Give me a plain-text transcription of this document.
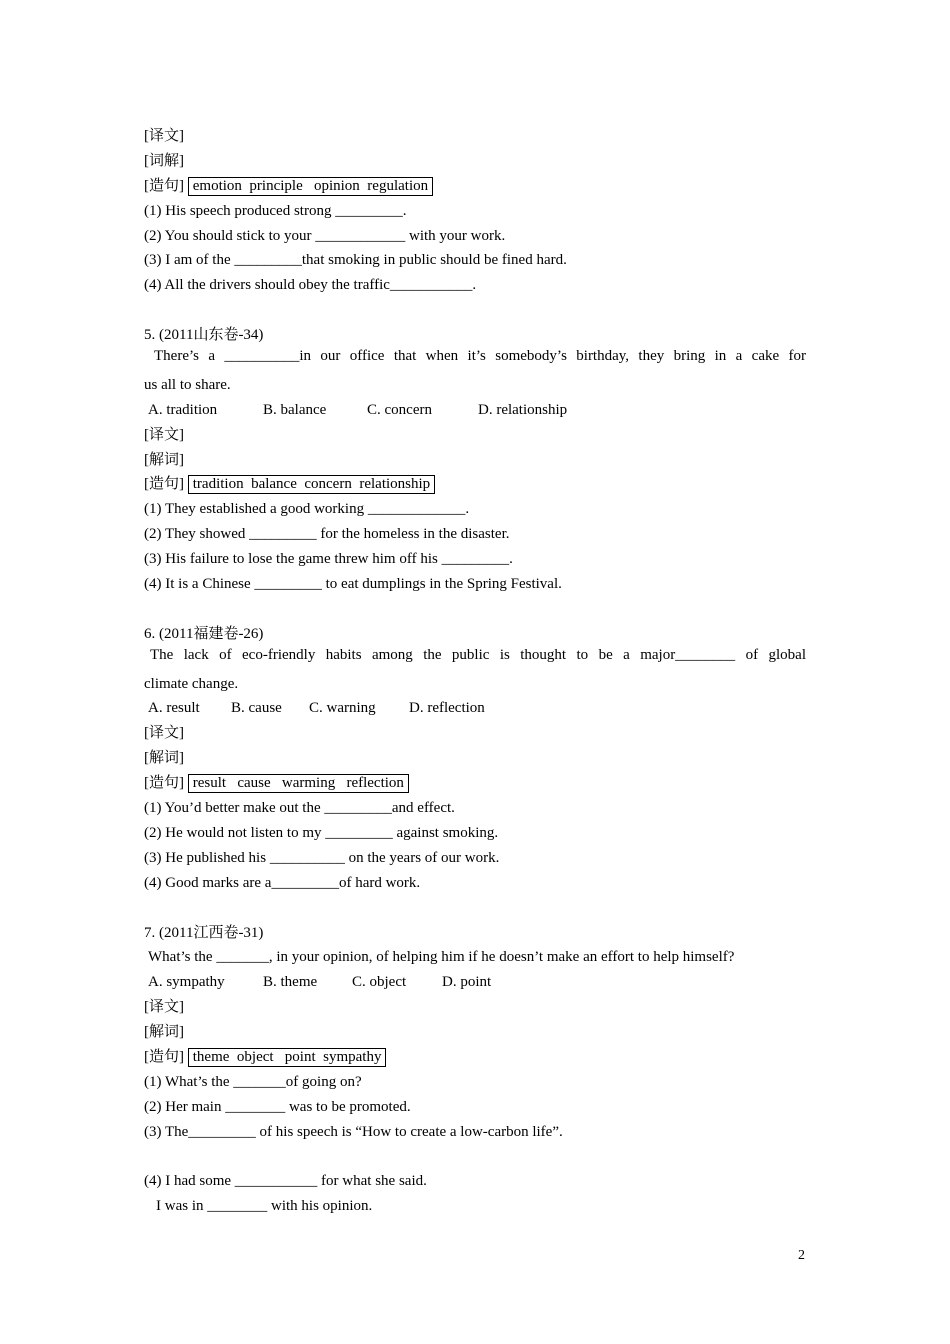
[译文]
[词解]
[造句] emotion  principle   opinion  regulation
(1) His speech produced strong _________.
(2) You should stick to your ____________ with your work.
(3) I am of the _________that smoking in public should be fined hard.
(4) All the drivers should obey the traffic___________.
5. (2011山东卷-34)
There’s a __________in our office that when it’s somebody’s birthday, they bring in a cake for
us all to share.
A. tradition	B. balance	C. concern	D. relationship
[译文]
[解词]
[造句] tradition  balance  concern  relationship
(1) They established a good working _____________.
(2) They showed _________ for the homeless in the disaster.
(3) His failure to lose the game threw him off his _________.
(4) It is a Chinese _________ to eat dumplings in the Spring Festival.
6. (2011福建卷-26)
The lack of eco-friendly habits among the public is thought to be a major________ of global
climate change.
A. result B. cause C. warning D. reflection
[译文]
[解词]
[造句] result   cause   warming   reflection
(1) You’d better make out the _________and effect.
(2) He would not listen to my _________ against smoking.
(3) He published his __________ on the years of our work.
(4) Good marks are a_________of hard work.
7. (2011江西卷-31)
What’s the _______, in your opinion, of helping him if he doesn’t make an effort to help himself?
A. sympathy	B. theme C. object D. point
[译文]
[解词]
[造句] theme  object   point  sympathy
(1) What’s the _______of going on?
(2) Her main ________ was to be promoted.
(3) The_________ of his speech is “How to create a low-carbon life”.
(4) I had some ___________ for what she said.
I was in ________ with his opinion.
2
